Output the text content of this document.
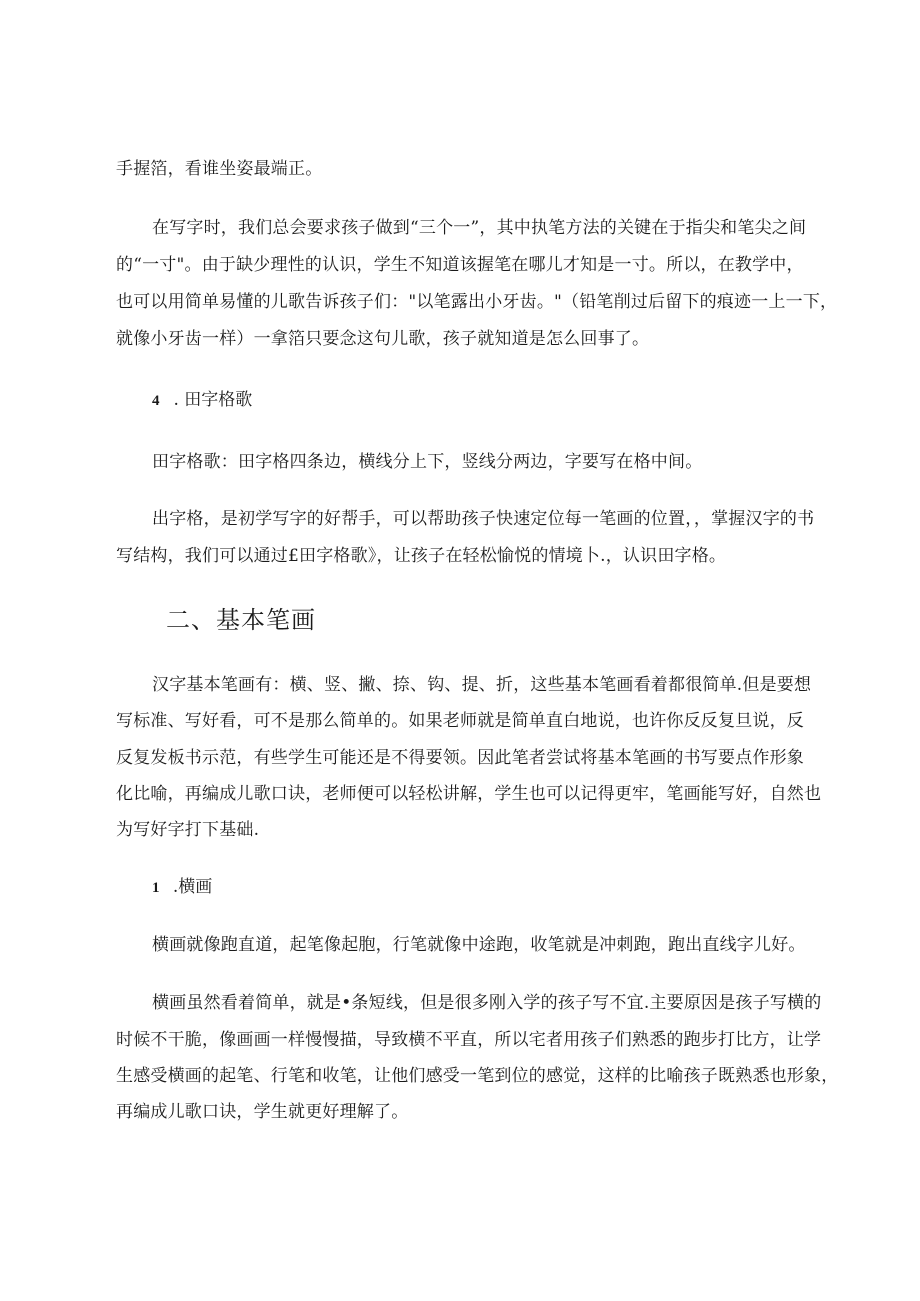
手握箔，看谁坐姿最端正。
在写字时，我们总会要求孩子做到“三个一”，其中执笔方法的关键在于指尖和笔尖之间
的“一寸"。由于缺少理性的认识，学生不知道该握笔在哪儿才知是一寸。所以，在教学中，
也可以用简单易懂的儿歌告诉孩子们："以笔露出小牙齿。"（铅笔削过后留下的痕迹一上一下，
就像小牙齿一样）一拿箔只要念这句儿歌，孩子就知道是怎么回事了。
4 . 田字格歌
田字格歌：田字格四条边，横线分上下，竖线分两边，字要写在格中间。
出字格，是初学写字的好帮手，可以帮助孩子快速定位每一笔画的位置，，掌握汉字的书
写结构，我们可以通过£田字格歌》，让孩子在轻松愉悦的情境卜.，认识田字格。
二、基本笔画
汉字基本笔画有：横、竖、撇、捺、钩、提、折，这些基本笔画看着都很简单.但是要想
写标准、写好看，可不是那么简单的。如果老师就是简单直白地说，也许你反反复旦说，反
反复发板书示范，有些学生可能还是不得要领。因此笔者尝试将基本笔画的书写要点作形象
化比喻，再编成儿歌口诀，老师便可以轻松讲解，学生也可以记得更牢，笔画能写好，自然也
为写好字打下基础.
1 .横画
横画就像跑直道，起笔像起胞，行笔就像中途跑，收笔就是冲刺跑，跑出直线字儿好。
横画虽然看着简单，就是•条短线，但是很多刚入学的孩子写不宜.主要原因是孩子写横的
时候不干脆，像画画一样慢慢描，导致横不平直，所以宅者用孩子们熟悉的跑步打比方，让学
生感受横画的起笔、行笔和收笔，让他们感受一笔到位的感觉，这样的比喻孩子既熟悉也形象，
再编成儿歌口诀，学生就更好理解了。
